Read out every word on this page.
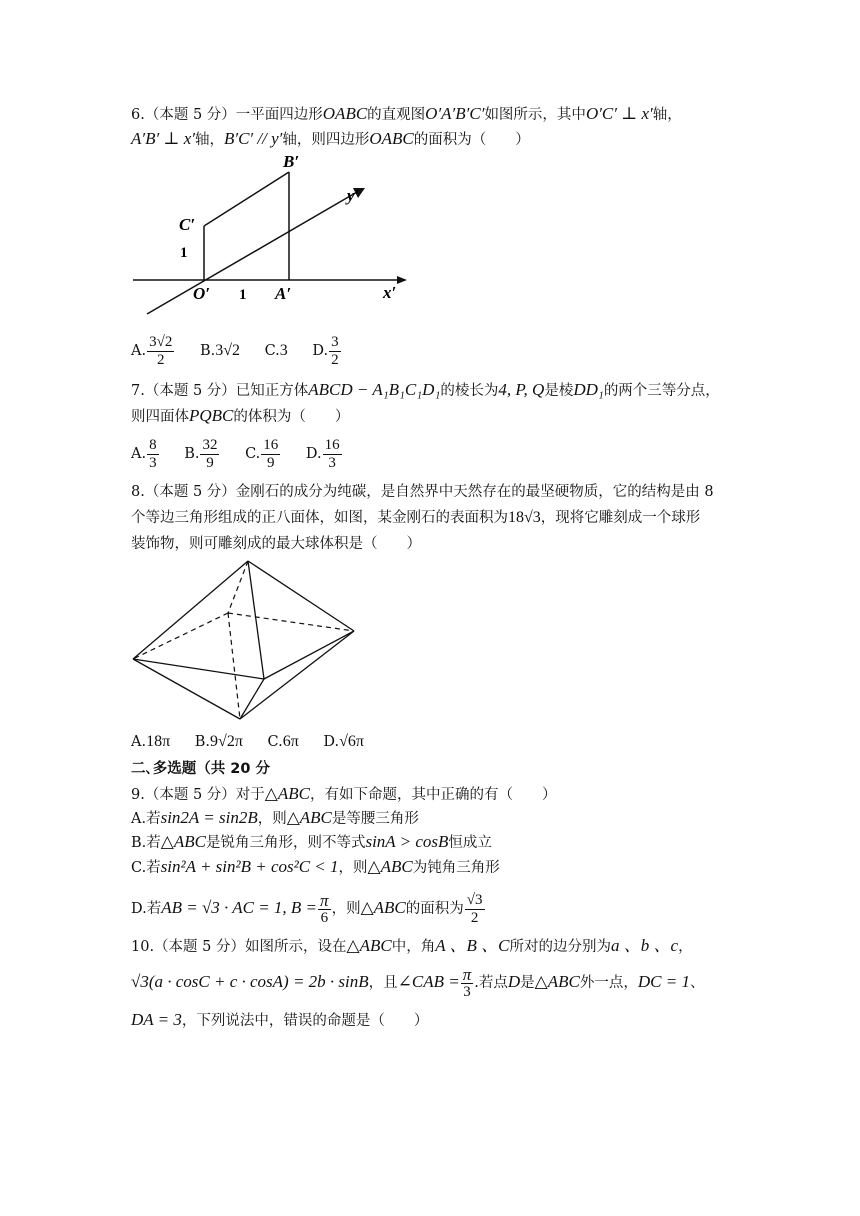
6.（本题 5 分）一平面四边形OABC的直观图O′A′B′C′如图所示，其中O′C′ ⊥ x′轴，
A′B′ ⊥ x′轴，B′C′ // y′轴，则四边形OABC的面积为（　　）
B′
C′
1
O′ 1 A′	x′
y′
A. $\frac{3√2}{2} B.3√2$ C.3 D. $\frac{3}{2}$
7.（本题 5 分）已知正方体ABCD − A₁B₁C₁D₁的棱长为4, P, Q是棱DD₁的两个三等分点，
则四面体PQBC的体积为（　　）
A. $\frac{8}{3} B$. $\frac{32}{9} C$. $\frac{16}{9} D$. $\frac{16}{3}$
8.（本题 5 分）金刚石的成分为纯碳，是自然界中天然存在的最坚硬物质，它的结构是由 8
个等边三角形组成的正八面体，如图，某金刚石的表面积为18√3，现将它雕刻成一个球形
装饰物，则可雕刻成的最大球体积是（　　）
A.18π B.9√2π C.6π D.√6π
二､多选题（共 20 分
9.（本题 5 分）对于△ABC，有如下命题，其中正确的有（　　）
A.若sin2A = sin2B，则△ABC是等腰三角形
B.若△ABC是锐角三角形，则不等式sinA > cosB恒成立
C.若sin²A + sin²B + cos²C < 1，则△ABC为钝角三角形
D.若AB = √3 · AC = 1, $B = \frac{\pi}{6}$ ，则△ABC的面积为 $\frac{√3}{2}$
10.（本题 5 分）如图所示，设在△ABC中，角A 、B 、C所对的边分别为a 、b 、c，
√3(a · cosC + c · cosA) = 2b · sinB，且∠CAB = $\frac{\pi}{3}$ .若点D是△ABC外一点，DC = 1、
DA = 3，下列说法中，错误的命题是（　　）
